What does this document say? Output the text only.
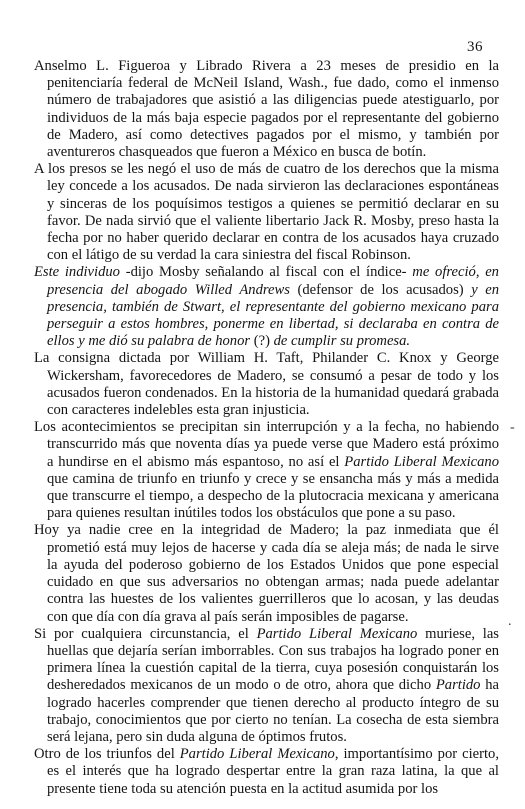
36

Anselmo L. Figueroa y Librado Rivera a 23 meses de presidio en la penitenciaría federal de McNeil Island, Wash., fue dado, como el inmenso número de trabajadores que asistió a las diligencias puede atestiguarlo, por individuos de la más baja especie pagados por el representante del gobierno de Madero, así como detectives pagados por el mismo, y también por aventureros chasqueados que fueron a México en busca de botín.

A los presos se les negó el uso de más de cuatro de los derechos que la misma ley concede a los acusados. De nada sirvieron las declaraciones espontáneas y sinceras de los poquísimos testigos a quienes se permitió declarar en su favor. De nada sirvió que el valiente libertario Jack R. Mosby, preso hasta la fecha por no haber querido declarar en contra de los acusados haya cruzado con el látigo de su verdad la cara siniestra del fiscal Robinson.

Este individuo -dijo Mosby señalando al fiscal con el índice- me ofreció, en presencia del abogado Willed Andrews (defensor de los acusados) y en presencia, también de Stwart, el representante del gobierno mexicano para perseguir a estos hombres, ponerme en libertad, si declaraba en contra de ellos y me dió su palabra de honor (?) de cumplir su promesa.

La consigna dictada por William H. Taft, Philander C. Knox y George Wickersham, favorecedores de Madero, se consumó a pesar de todo y los acusados fueron condenados. En la historia de la humanidad quedará grabada con caracteres indelebles esta gran injusticia.

Los acontecimientos se precipitan sin interrupción y a la fecha, no habiendo transcurrido más que noventa días ya puede verse que Madero está próximo a hundirse en el abismo más espantoso, no así el Partido Liberal Mexicano que camina de triunfo en triunfo y crece y se ensancha más y más a medida que transcurre el tiempo, a despecho de la plutocracia mexicana y americana para quienes resultan inútiles todos los obstáculos que pone a su paso.

Hoy ya nadie cree en la integridad de Madero; la paz inmediata que él prometió está muy lejos de hacerse y cada día se aleja más; de nada le sirve la ayuda del poderoso gobierno de los Estados Unidos que pone especial cuidado en que sus adversarios no obtengan armas; nada puede adelantar contra las huestes de los valientes guerrilleros que lo acosan, y las deudas con que día con día grava al país serán imposibles de pagarse.

Si por cualquiera circunstancia, el Partido Liberal Mexicano muriese, las huellas que dejaría serían imborrables. Con sus trabajos ha logrado poner en primera línea la cuestión capital de la tierra, cuya posesión conquistarán los desheredados mexicanos de un modo o de otro, ahora que dicho Partido ha logrado hacerles comprender que tienen derecho al producto íntegro de su trabajo, conocimientos que por cierto no tenían. La cosecha de esta siembra será lejana, pero sin duda alguna de óptimos frutos.

Otro de los triunfos del Partido Liberal Mexicano, importantísimo por cierto, es el interés que ha logrado despertar entre la gran raza latina, la que al presente tiene toda su atención puesta en la actitud asumida por los

-
.
